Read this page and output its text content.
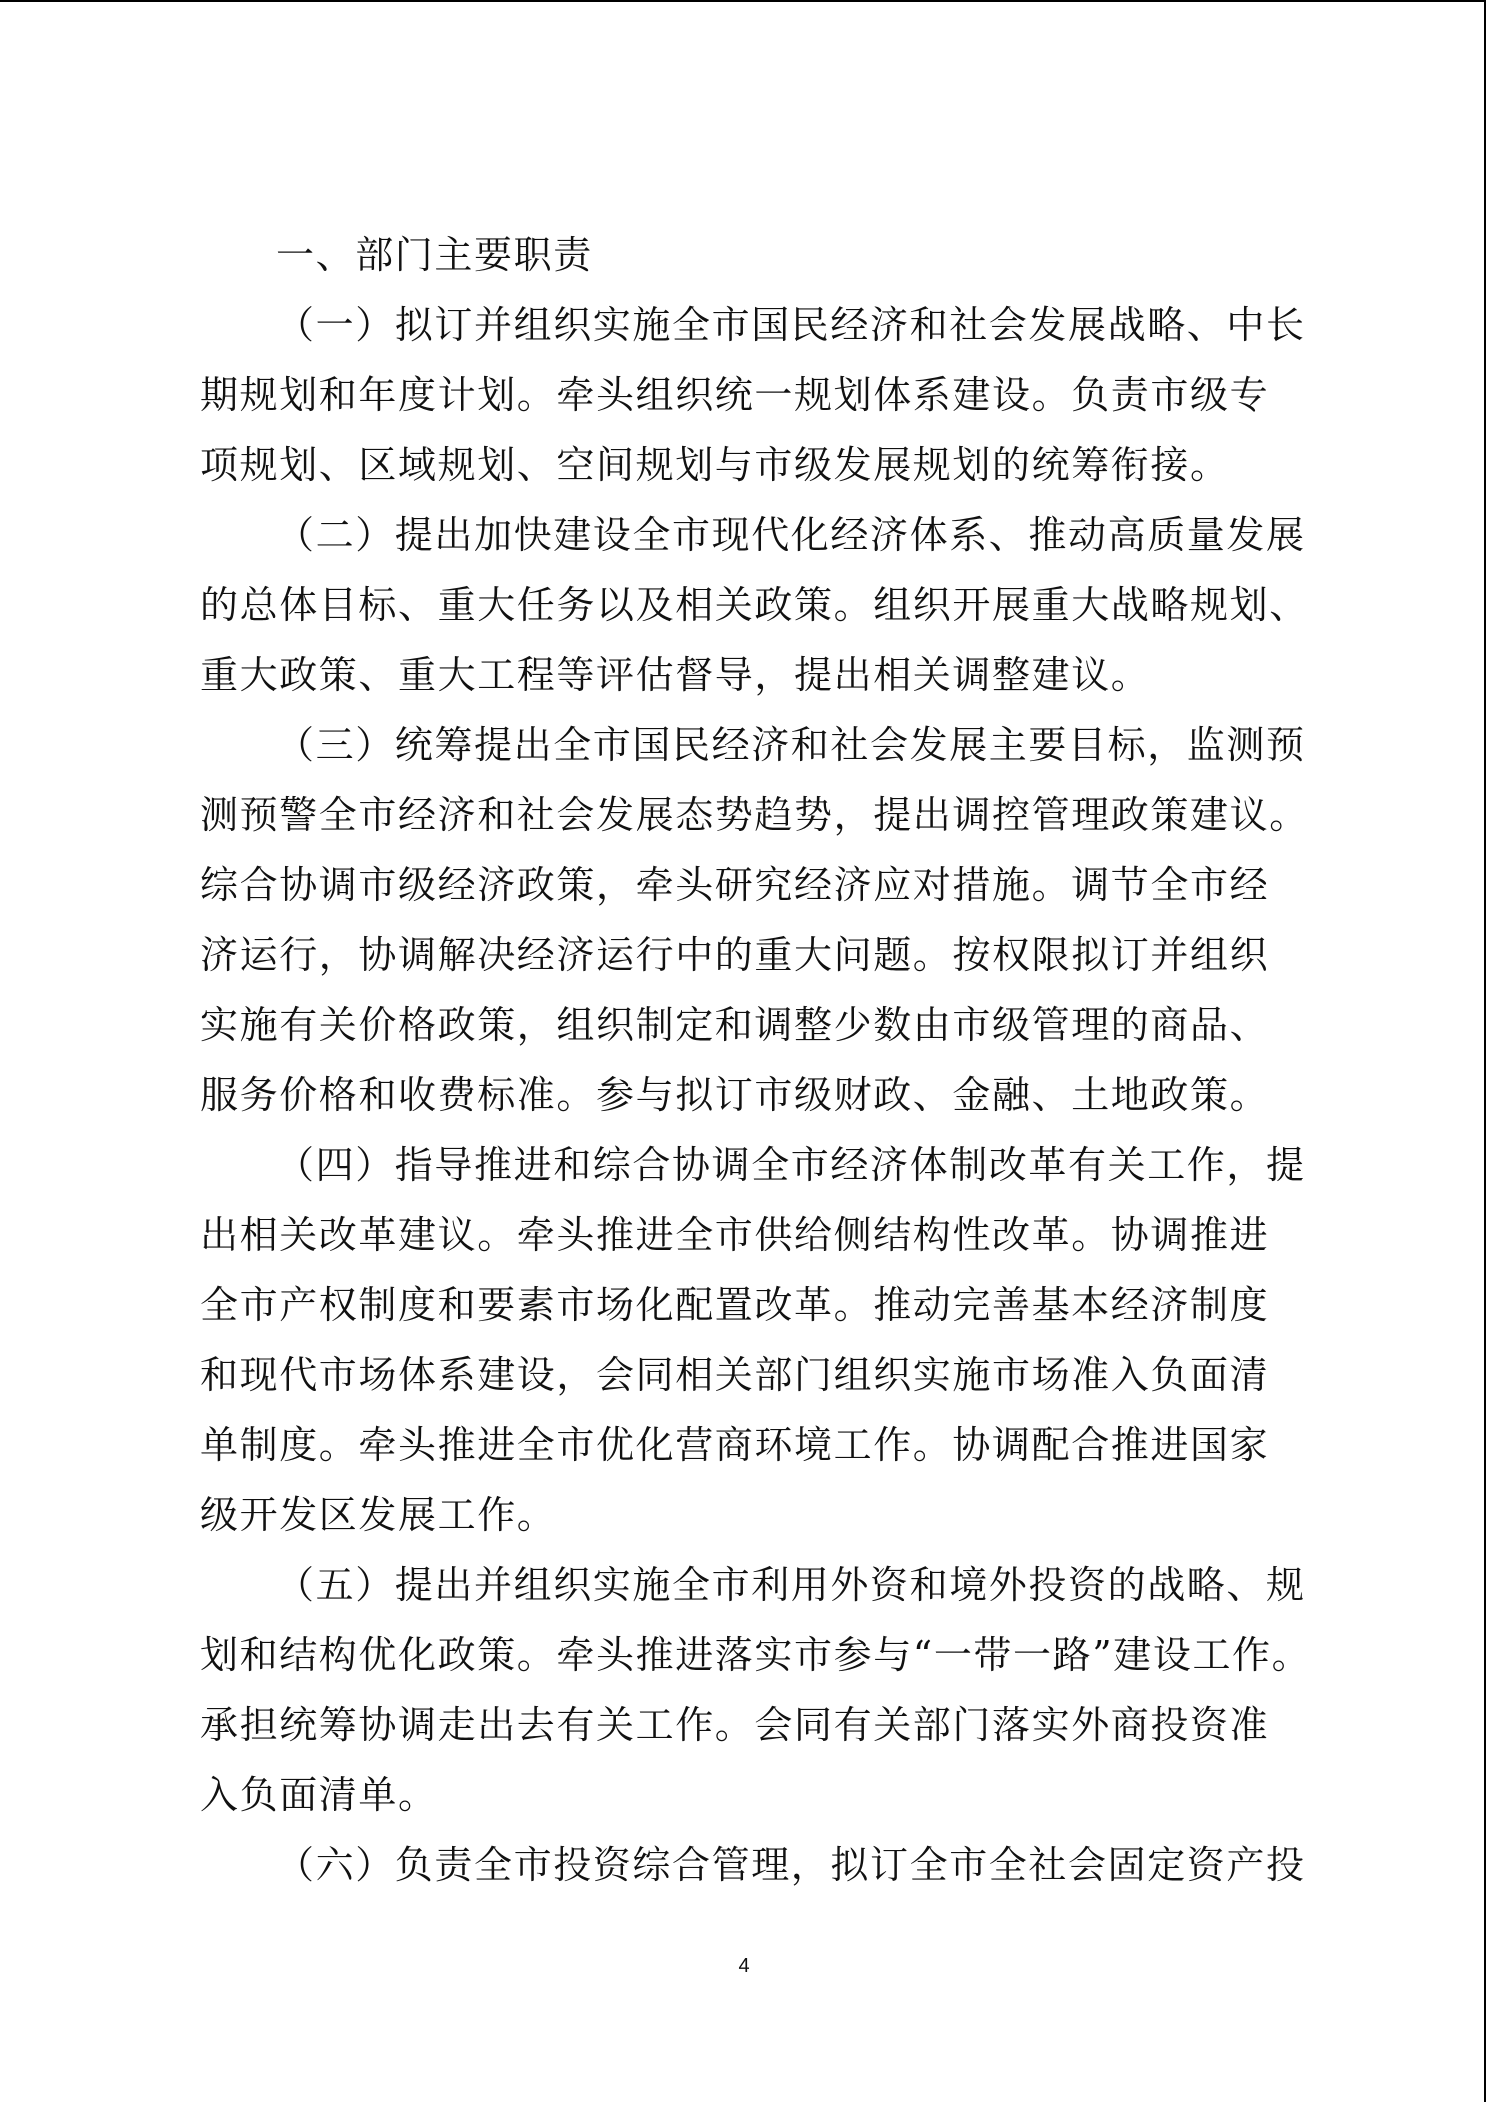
一、部门主要职责
（一）拟订并组织实施全市国民经济和社会发展战略、中长
期规划和年度计划。牵头组织统一规划体系建设。负责市级专
项规划、区域规划、空间规划与市级发展规划的统筹衔接。
（二）提出加快建设全市现代化经济体系、推动高质量发展
的总体目标、重大任务以及相关政策。组织开展重大战略规划、
重大政策、重大工程等评估督导，提出相关调整建议。
（三）统筹提出全市国民经济和社会发展主要目标，监测预
测预警全市经济和社会发展态势趋势，提出调控管理政策建议。
综合协调市级经济政策，牵头研究经济应对措施。调节全市经
济运行，协调解决经济运行中的重大问题。按权限拟订并组织
实施有关价格政策，组织制定和调整少数由市级管理的商品、
服务价格和收费标准。参与拟订市级财政、金融、土地政策。
（四）指导推进和综合协调全市经济体制改革有关工作，提
出相关改革建议。牵头推进全市供给侧结构性改革。协调推进
全市产权制度和要素市场化配置改革。推动完善基本经济制度
和现代市场体系建设，会同相关部门组织实施市场准入负面清
单制度。牵头推进全市优化营商环境工作。协调配合推进国家
级开发区发展工作。
（五）提出并组织实施全市利用外资和境外投资的战略、规
划和结构优化政策。牵头推进落实市参与“一带一路”建设工作。
承担统筹协调走出去有关工作。会同有关部门落实外商投资准
入负面清单。
（六）负责全市投资综合管理，拟订全市全社会固定资产投
4
